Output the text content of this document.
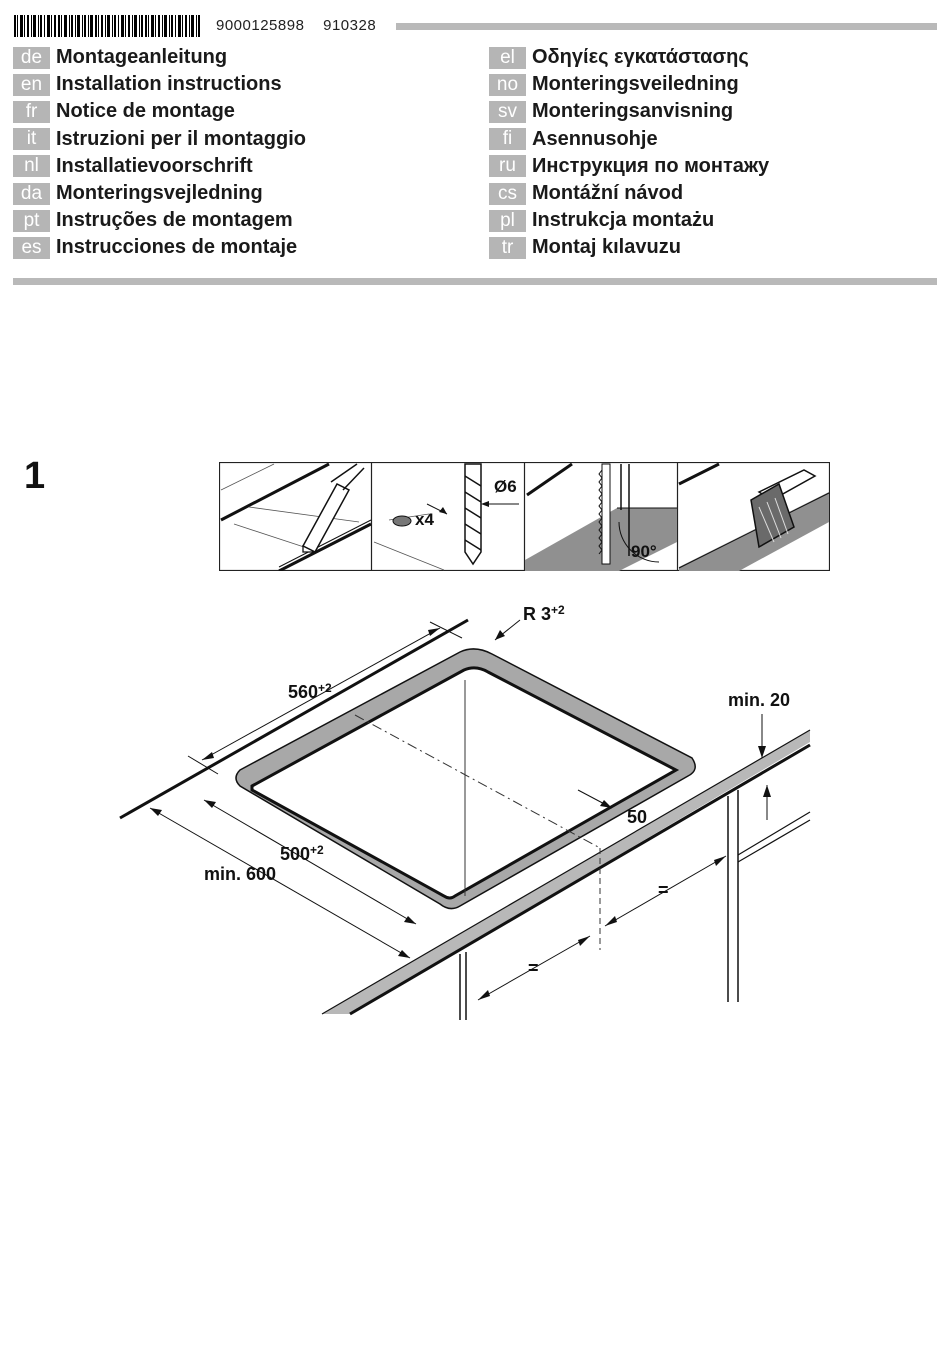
9000125898 910328
de Montageanleitung
en Installation instructions
fr Notice de montage
it Istruzioni per il montaggio
nl Installatievoorschrift
da Monteringsvejledning
pt Instruções de montagem
es Instrucciones de montaje
el Οδηγίες εγκατάστασης
no Monteringsveiledning
sv Monteringsanvisning
fi Asennusohje
ru Инструкция по монтажу
cs Montážní návod
pl Instrukcja montażu
tr Montaj kılavuzu
1
x4
Ø6
90°
$560^{+2}$
R $3^{+2}$
$500^{+2}$
min. 600
50
min. 20
=
=
